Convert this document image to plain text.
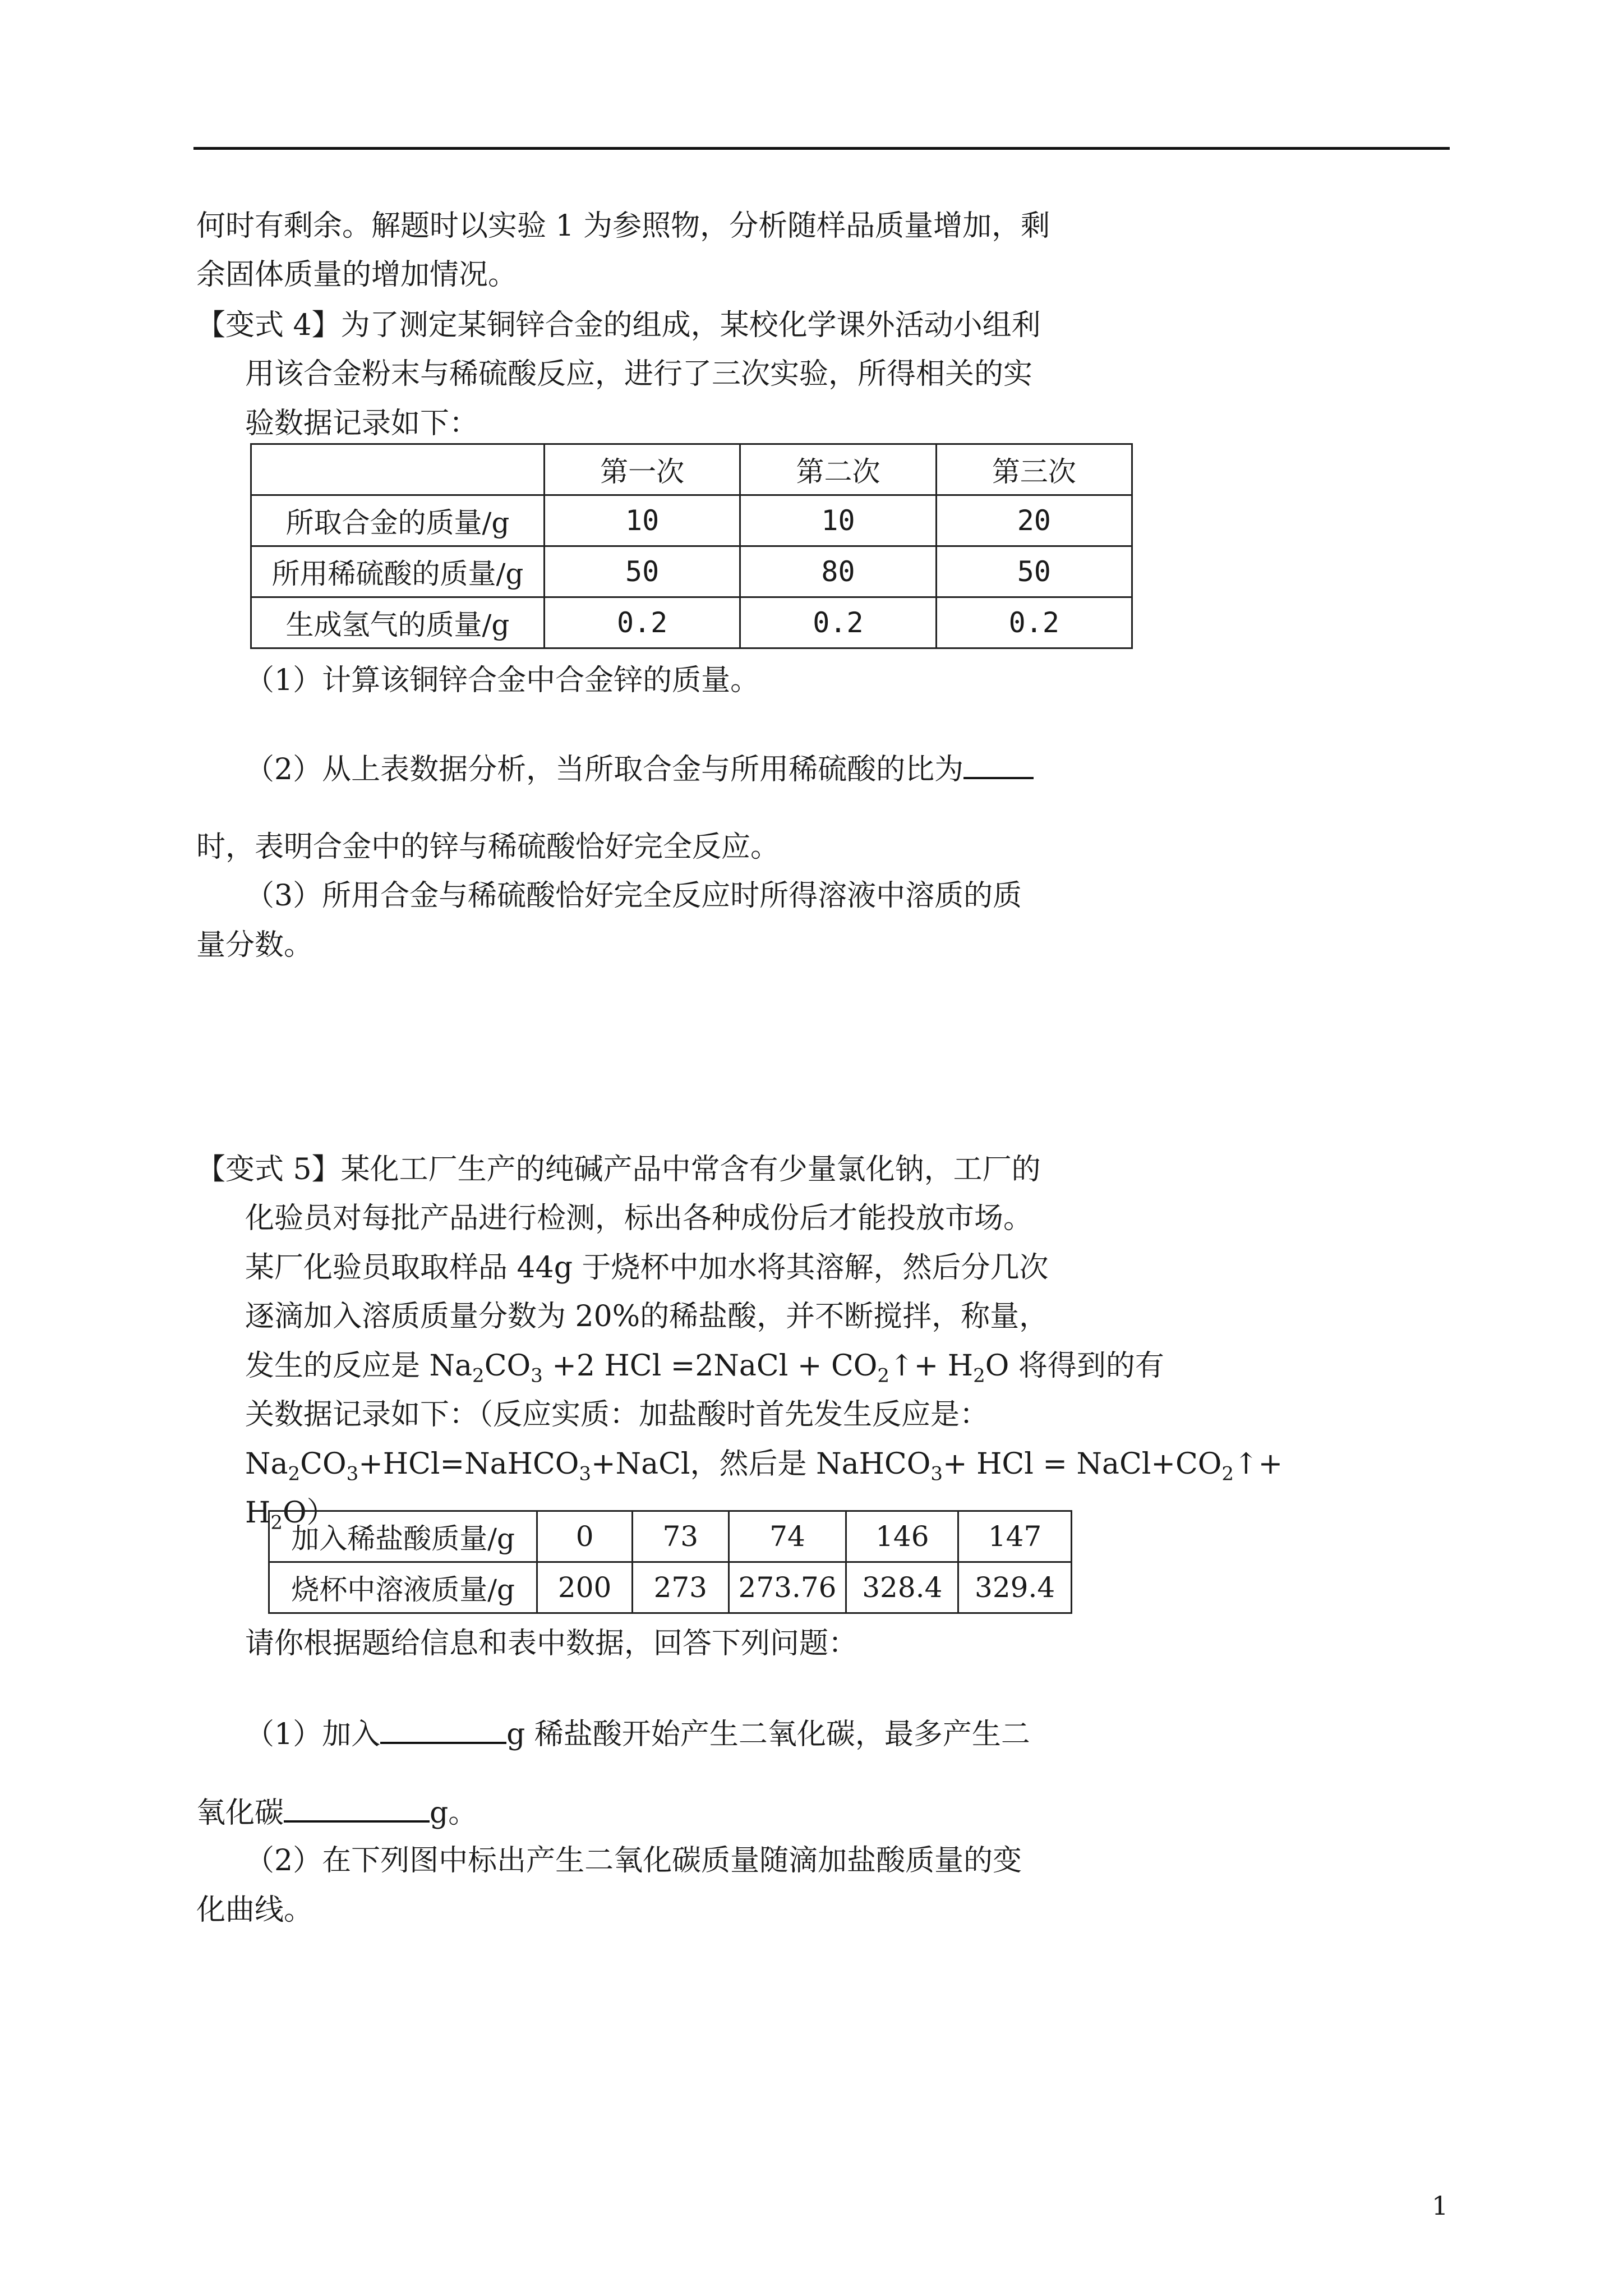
何时有剩余。解题时以实验 1 为参照物，分析随样品质量增加，剩
余固体质量的增加情况。
【变式 4】为了测定某铜锌合金的组成，某校化学课外活动小组利
用该合金粉末与稀硫酸反应，进行了三次实验，所得相关的实
验数据记录如下：
	第一次	第二次	第三次
所取合金的质量/g	10	10	20
所用稀硫酸的质量/g	50	80	50
生成氢气的质量/g	0.2	0.2	0.2
（1）计算该铜锌合金中合金锌的质量。
（2）从上表数据分析，当所取合金与所用稀硫酸的比为
时，表明合金中的锌与稀硫酸恰好完全反应。
（3）所用合金与稀硫酸恰好完全反应时所得溶液中溶质的质
量分数。
【变式 5】某化工厂生产的纯碱产品中常含有少量氯化钠，工厂的
化验员对每批产品进行检测，标出各种成份后才能投放市场。
某厂化验员取取样品 44g 于烧杯中加水将其溶解，然后分几次
逐滴加入溶质质量分数为 20%的稀盐酸，并不断搅拌，称量，
发生的反应是 $Na_2CO_3 +2$ HCl =2NaCl + $CO_2↑+ H_2O$ 将得到的有
关数据记录如下：（反应实质：加盐酸时首先发生反应是：
$Na_2CO_3+HCl=NaHCO_3+NaCl$，然后是 NaHCO$_3$+ HCl = $NaCl+CO_2↑+$
$H_2O$）
加入稀盐酸质量/g	0	73	74	146	147
烧杯中溶液质量/g	200	273	273.76	328.4	329.4
请你根据题给信息和表中数据，回答下列问题：
（1）加入	g 稀盐酸开始产生二氧化碳，最多产生二
氧化碳	g。
（2）在下列图中标出产生二氧化碳质量随滴加盐酸质量的变
化曲线。
1
